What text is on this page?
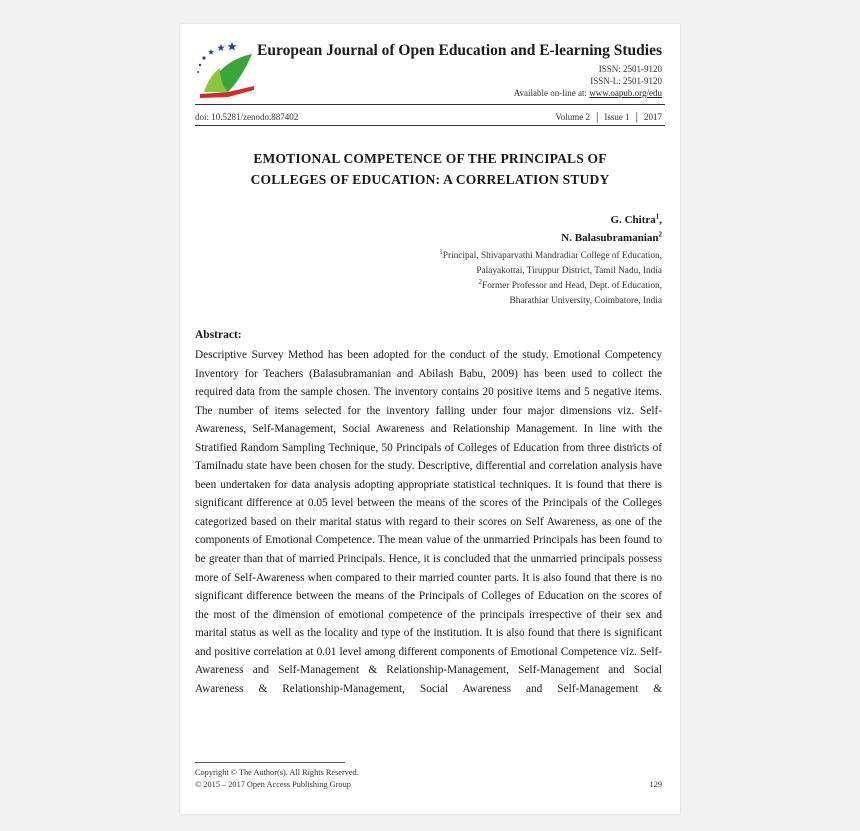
European Journal of Open Education and E-learning Studies
ISSN: 2501-9120
ISSN-L: 2501-9120
Available on-line at: www.oapub.org/edu
doi: 10.5281/zenodo.887402	Volume 2 │ Issue 1 │ 2017
EMOTIONAL COMPETENCE OF THE PRINCIPALS OF
COLLEGES OF EDUCATION: A CORRELATION STUDY
G. Chitra$^1$,
N. Balasubramanian$^2$
$^1$Principal, Shivaparvathi Mandradiar College of Education,
Palayakottai, Tiruppur District, Tamil Nadu, India
$^2$Former Professor and Head, Dept. of Education,
Bharathiar University, Coimbatore, India
Abstract:

Descriptive Survey Method has been adopted for the conduct of the study. Emotional Competency Inventory for Teachers (Balasubramanian and Abilash Babu, 2009) has been used to collect the required data from the sample chosen. The inventory contains 20 positive items and 5 negative items. The number of items selected for the inventory falling under four major dimensions viz. Self-Awareness, Self-Management, Social Awareness and Relationship Management. In line with the Stratified Random Sampling Technique, 50 Principals of Colleges of Education from three districts of Tamilnadu state have been chosen for the study. Descriptive, differential and correlation analysis have been undertaken for data analysis adopting appropriate statistical techniques. It is found that there is significant difference at 0.05 level between the means of the scores of the Principals of the Colleges categorized based on their marital status with regard to their scores on Self Awareness, as one of the components of Emotional Competence. The mean value of the unmarried Principals has been found to be greater than that of married Principals. Hence, it is concluded that the unmarried principals possess more of Self-Awareness when compared to their married counter parts. It is also found that there is no significant difference between the means of the Principals of Colleges of Education on the scores of the most of the dimension of emotional competence of the principals irrespective of their sex and marital status as well as the locality and type of the institution. It is also found that there is significant and positive correlation at 0.01 level among different components of Emotional Competence viz. Self-Awareness and Self-Management & Relationship-Management, Self-Management and Social Awareness & Relationship-Management, Social Awareness and Self-Management &

Copyright © The Author(s). All Rights Reserved.
© 2015 – 2017 Open Access Publishing Group	129
